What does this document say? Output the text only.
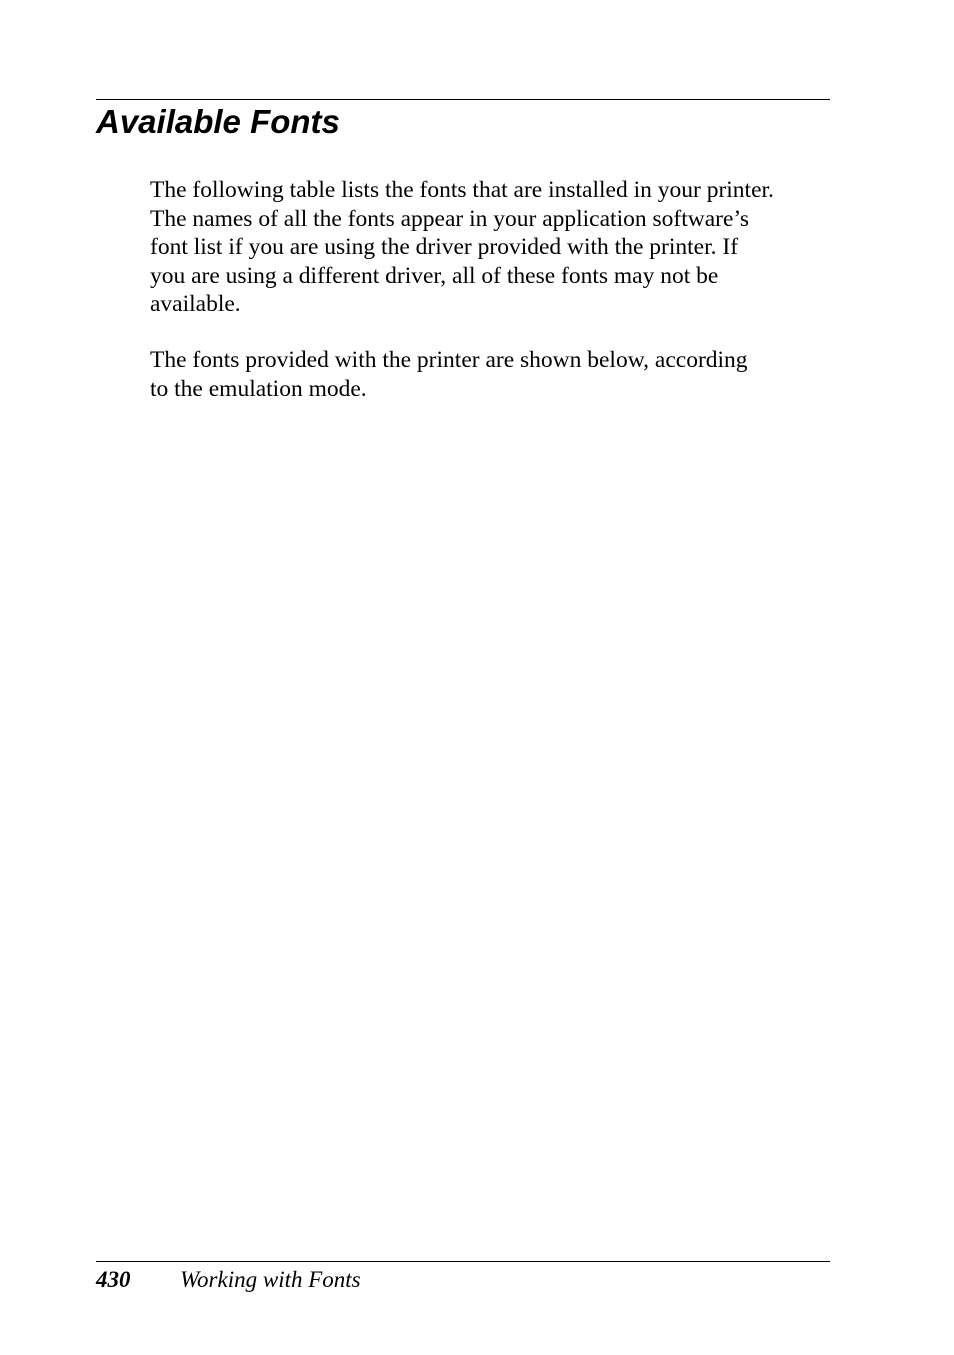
Available Fonts

The following table lists the fonts that are installed in your printer.
The names of all the fonts appear in your application software’s
font list if you are using the driver provided with the printer. If
you are using a different driver, all of these fonts may not be
available.

The fonts provided with the printer are shown below, according
to the emulation mode.

430 Working with Fonts
